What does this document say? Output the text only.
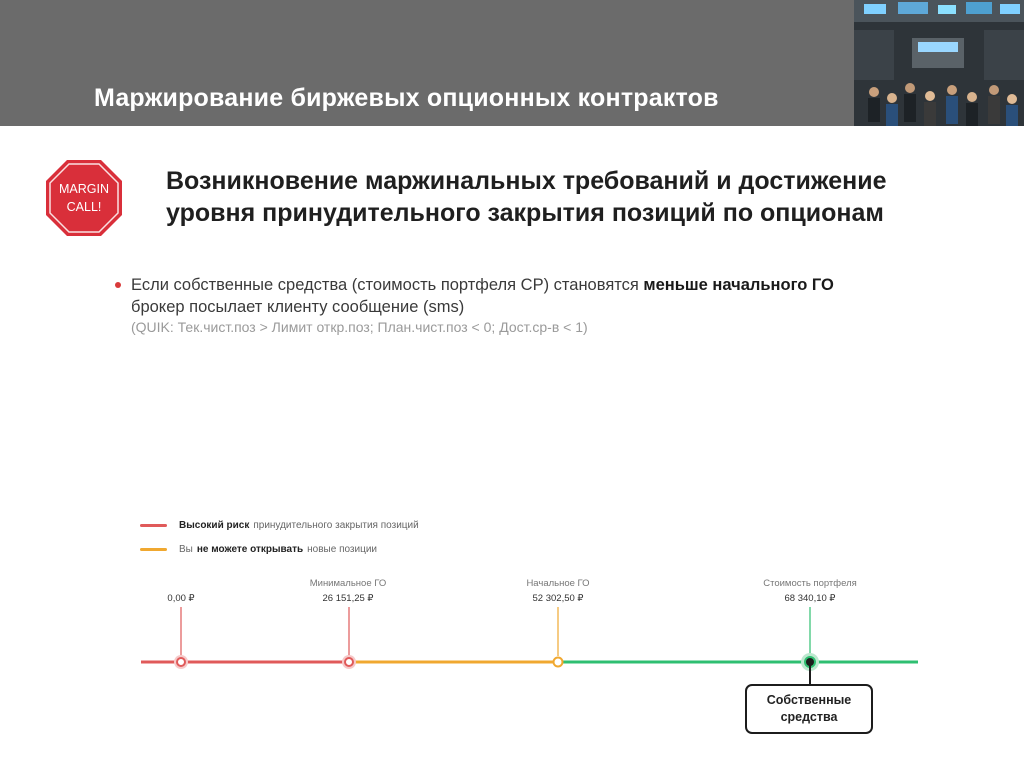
Маржирование биржевых опционных контрактов
MARGIN
CALL!
Возникновение маржинальных требований и достижение
уровня принудительного закрытия позиций по опционам
Если собственные средства (стоимость портфеля СР) становятся меньше начального ГО
брокер посылает клиенту сообщение (sms)
(QUIK: Тек.чист.поз > Лимит откр.поз; План.чист.поз < 0; Дост.ср-в < 1)
Высокий риск принудительного закрытия позиций
Вы не можете открывать новые позиции
0,00 ₽
Минимальное ГО
26 151,25 ₽
Начальное ГО
52 302,50 ₽
Стоимость портфеля
68 340,10 ₽
Собственные
средства
